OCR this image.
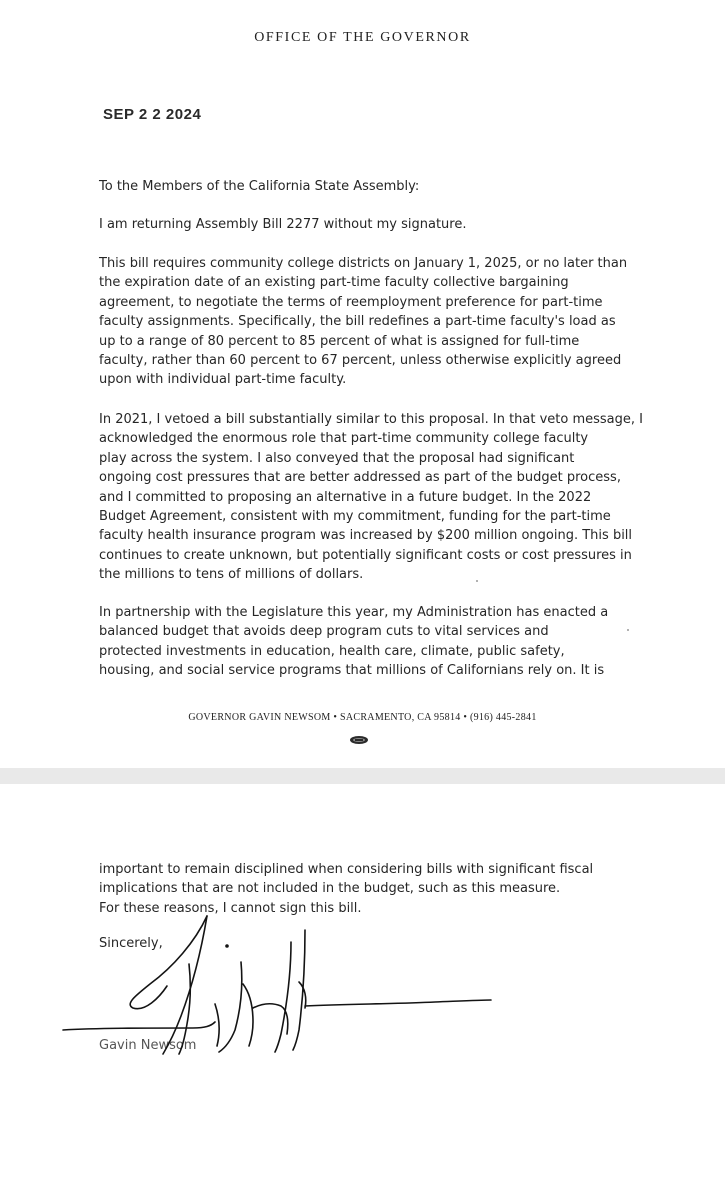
OFFICE OF THE GOVERNOR
SEP 2 2 2024

To the Members of the California State Assembly:

I am returning Assembly Bill 2277 without my signature.

This bill requires community college districts on January 1, 2025, or no later than
the expiration date of an existing part-time faculty collective bargaining
agreement, to negotiate the terms of reemployment preference for part-time
faculty assignments. Specifically, the bill redefines a part-time faculty's load as
up to a range of 80 percent to 85 percent of what is assigned for full-time
faculty, rather than 60 percent to 67 percent, unless otherwise explicitly agreed
upon with individual part-time faculty.
In 2021, I vetoed a bill substantially similar to this proposal. In that veto message, I
acknowledged the enormous role that part-time community college faculty
play across the system. I also conveyed that the proposal had significant
ongoing cost pressures that are better addressed as part of the budget process,
and I committed to proposing an alternative in a future budget. In the 2022
Budget Agreement, consistent with my commitment, funding for the part-time
faculty health insurance program was increased by $200 million ongoing. This bill
continues to create unknown, but potentially significant costs or cost pressures in
the millions to tens of millions of dollars.
In partnership with the Legislature this year, my Administration has enacted a
balanced budget that avoids deep program cuts to vital services and
protected investments in education, health care, climate, public safety,
housing, and social service programs that millions of Californians rely on. It is
GOVERNOR GAVIN NEWSOM • SACRAMENTO, CA 95814 • (916) 445-2841
important to remain disciplined when considering bills with significant fiscal
implications that are not included in the budget, such as this measure.
For these reasons, I cannot sign this bill.

Sincerely,

Gavin Newsom
